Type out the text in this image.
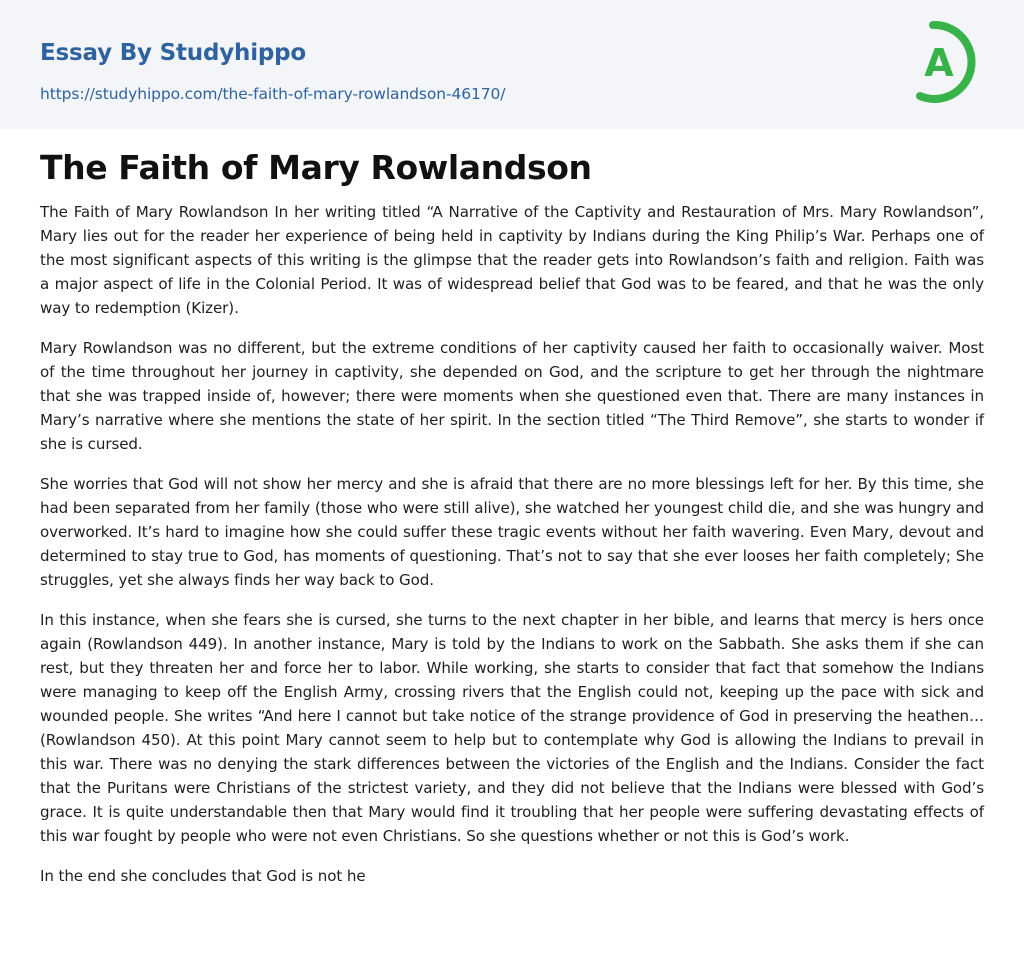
Essay By Studyhippo
https://studyhippo.com/the-faith-of-mary-rowlandson-46170/
A
The Faith of Mary Rowlandson

The Faith of Mary Rowlandson In her writing titled “A Narrative of the Captivity and Restauration of Mrs. Mary Rowlandson”, Mary lies out for the reader her experience of being held in captivity by Indians during the King Philip’s War. Perhaps one of the most significant aspects of this writing is the glimpse that the reader gets into Rowlandson’s faith and religion. Faith was a major aspect of life in the Colonial Period. It was of widespread belief that God was to be feared, and that he was the only way to redemption (Kizer).

Mary Rowlandson was no different, but the extreme conditions of her captivity caused her faith to occasionally waiver. Most of the time throughout her journey in captivity, she depended on God, and the scripture to get her through the nightmare that she was trapped inside of, however; there were moments when she questioned even that. There are many instances in Mary’s narrative where she mentions the state of her spirit. In the section titled “The Third Remove”, she starts to wonder if she is cursed.

She worries that God will not show her mercy and she is afraid that there are no more blessings left for her. By this time, she had been separated from her family (those who were still alive), she watched her youngest child die, and she was hungry and overworked. It’s hard to imagine how she could suffer these tragic events without her faith wavering. Even Mary, devout and determined to stay true to God, has moments of questioning. That’s not to say that she ever looses her faith completely; She struggles, yet she always finds her way back to God.

In this instance, when she fears she is cursed, she turns to the next chapter in her bible, and learns that mercy is hers once again (Rowlandson 449). In another instance, Mary is told by the Indians to work on the Sabbath. She asks them if she can rest, but they threaten her and force her to labor. While working, she starts to consider that fact that somehow the Indians were managing to keep off the English Army, crossing rivers that the English could not, keeping up the pace with sick and wounded people. She writes “And here I cannot but take notice of the strange providence of God in preserving the heathen… (Rowlandson 450). At this point Mary cannot seem to help but to contemplate why God is allowing the Indians to prevail in this war. There was no denying the stark differences between the victories of the English and the Indians. Consider the fact that the Puritans were Christians of the strictest variety, and they did not believe that the Indians were blessed with God’s grace. It is quite understandable then that Mary would find it troubling that her people were suffering devastating effects of this war fought by people who were not even Christians. So she questions whether or not this is God’s work.

In the end she concludes that God is not he
